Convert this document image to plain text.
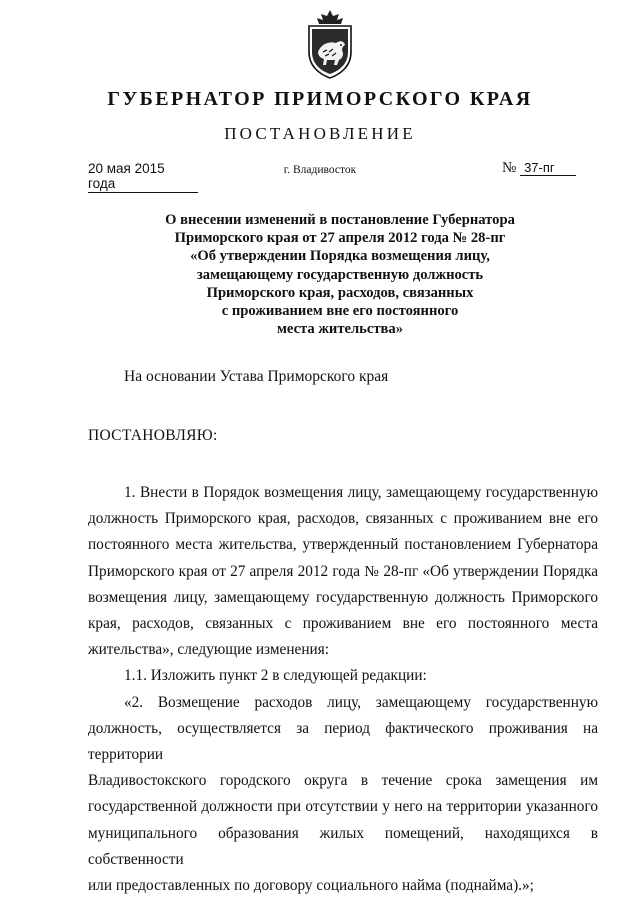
ГУБЕРНАТОР ПРИМОРСКОГО КРАЯ
ПОСТАНОВЛЕНИЕ
20 мая 2015 года
г. Владивосток	№ 37-пг
О внесении изменений в постановление Губернатора
Приморского края от 27 апреля 2012 года № 28-пг
«Об утверждении Порядка возмещения лицу,
замещающему государственную должность
Приморского края, расходов, связанных
с проживанием вне его постоянного
места жительства»
На основании Устава Приморского края
ПОСТАНОВЛЯЮ:

1. Внести в Порядок возмещения лицу, замещающему государственную
должность Приморского края, расходов, связанных с проживанием вне его
постоянного места жительства, утвержденный постановлением Губернатора
Приморского края от 27 апреля 2012 года № 28-пг «Об утверждении Порядка
возмещения лицу, замещающему государственную должность Приморского
края, расходов, связанных с проживанием вне его постоянного места
жительства», следующие изменения:

1.1. Изложить пункт 2 в следующей редакции:

«2. Возмещение расходов лицу, замещающему государственную
должность, осуществляется за период фактического проживания на территории
Владивостокского городского округа в течение срока замещения им
государственной должности при отсутствии у него на территории указанного
муниципального образования жилых помещений, находящихся в собственности
или предоставленных по договору социального найма (поднайма).»;
